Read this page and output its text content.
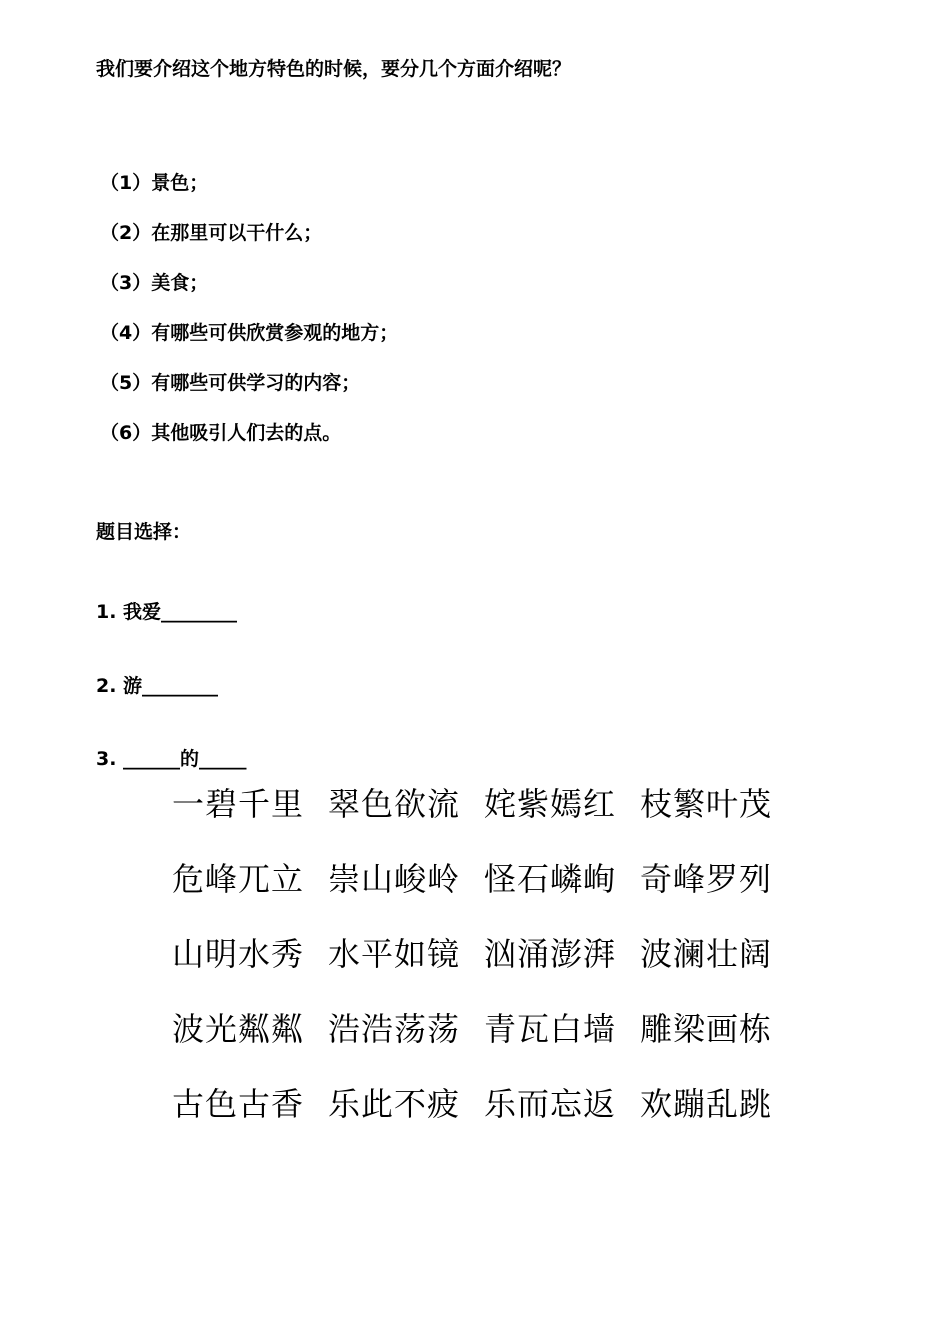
我们要介绍这个地方特色的时候，要分几个方面介绍呢？
（1）景色；
（2）在那里可以干什么；
（3）美食；
（4）有哪些可供欣赏参观的地方；
（5）有哪些可供学习的内容；
（6）其他吸引人们去的点。
题目选择：
1. 我爱________
2. 游________
3. ______的_____
一碧千里 翠色欲流 姹紫嫣红 枝繁叶茂
危峰兀立 崇山峻岭 怪石嶙峋 奇峰罗列
山明水秀 水平如镜 汹涌澎湃 波澜壮阔
波光粼粼 浩浩荡荡 青瓦白墙 雕梁画栋
古色古香 乐此不疲 乐而忘返 欢蹦乱跳
